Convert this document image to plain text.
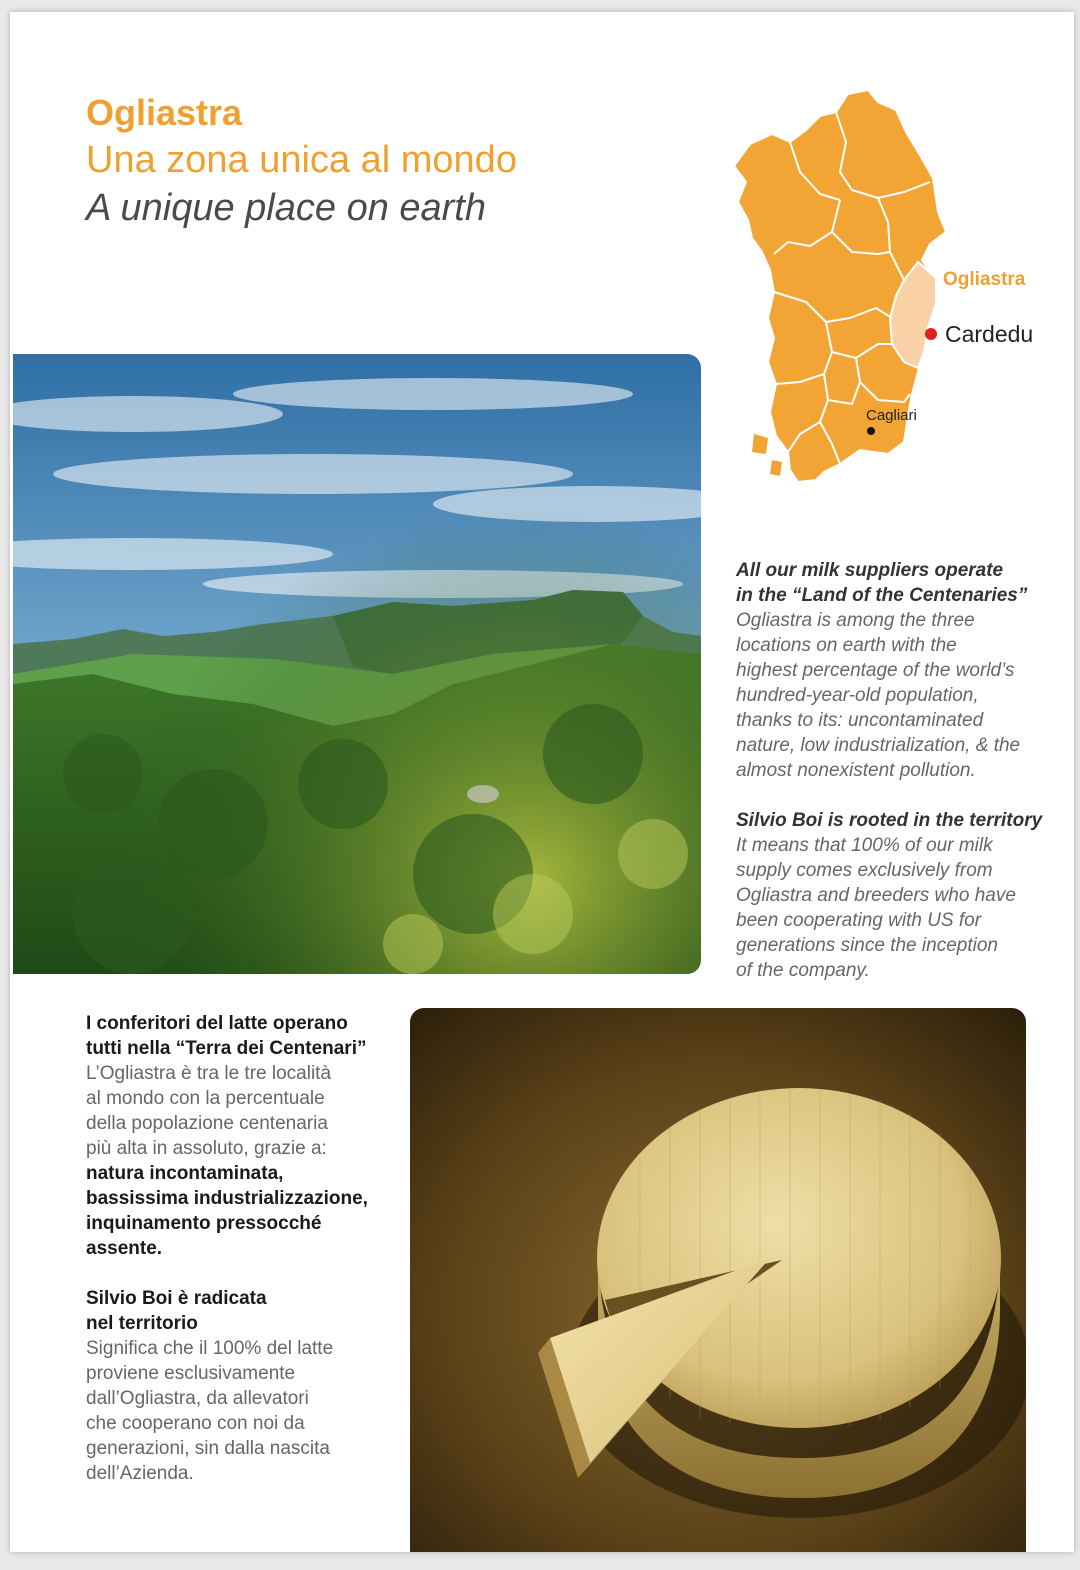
Ogliastra
Una zona unica al mondo
A unique place on earth
Ogliastra
Cardedu
Cagliari
All our milk suppliers operate
in the “Land of the Centenaries”
Ogliastra is among the three
locations on earth with the
highest percentage of the world’s
hundred-year-old population,
thanks to its: uncontaminated
nature, low industrialization, & the
almost nonexistent pollution.
Silvio Boi is rooted in the territory
It means that 100% of our milk
supply comes exclusively from
Ogliastra and breeders who have
been cooperating with US for
generations since the inception
of the company.
I conferitori del latte operano
tutti nella “Terra dei Centenari”
L’Ogliastra è tra le tre località
al mondo con la percentuale
della popolazione centenaria
più alta in assoluto, grazie a:
natura incontaminata,
bassissima industrializzazione,
inquinamento pressocché
assente.
Silvio Boi è radicata
nel territorio
Significa che il 100% del latte
proviene esclusivamente
dall’Ogliastra, da allevatori
che cooperano con noi da
generazioni, sin dalla nascita
dell’Azienda.
